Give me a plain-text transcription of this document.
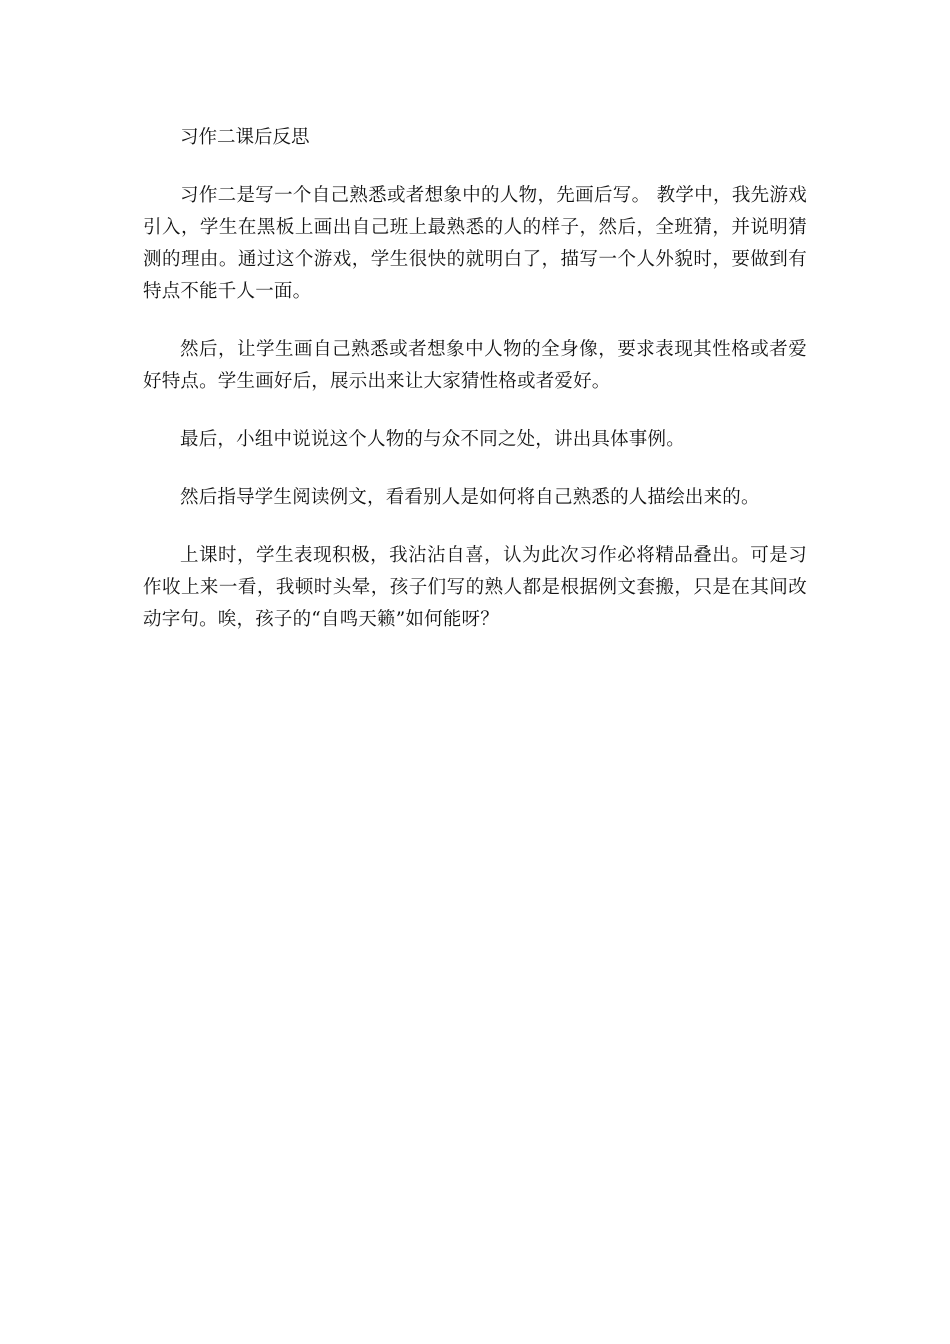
习作二课后反思

习作二是写一个自己熟悉或者想象中的人物，先画后写。 教学中，我先游戏引入，学生在黑板上画出自己班上最熟悉的人的样子，然后，全班猜，并说明猜测的理由。通过这个游戏，学生很快的就明白了，描写一个人外貌时，要做到有特点不能千人一面。

然后，让学生画自己熟悉或者想象中人物的全身像，要求表现其性格或者爱好特点。学生画好后，展示出来让大家猜性格或者爱好。

最后，小组中说说这个人物的与众不同之处，讲出具体事例。

然后指导学生阅读例文，看看别人是如何将自己熟悉的人描绘出来的。

上课时，学生表现积极，我沾沾自喜，认为此次习作必将精品叠出。可是习作收上来一看，我顿时头晕，孩子们写的熟人都是根据例文套搬，只是在其间改动字句。唉，孩子的“自鸣天籁”如何能呀？
